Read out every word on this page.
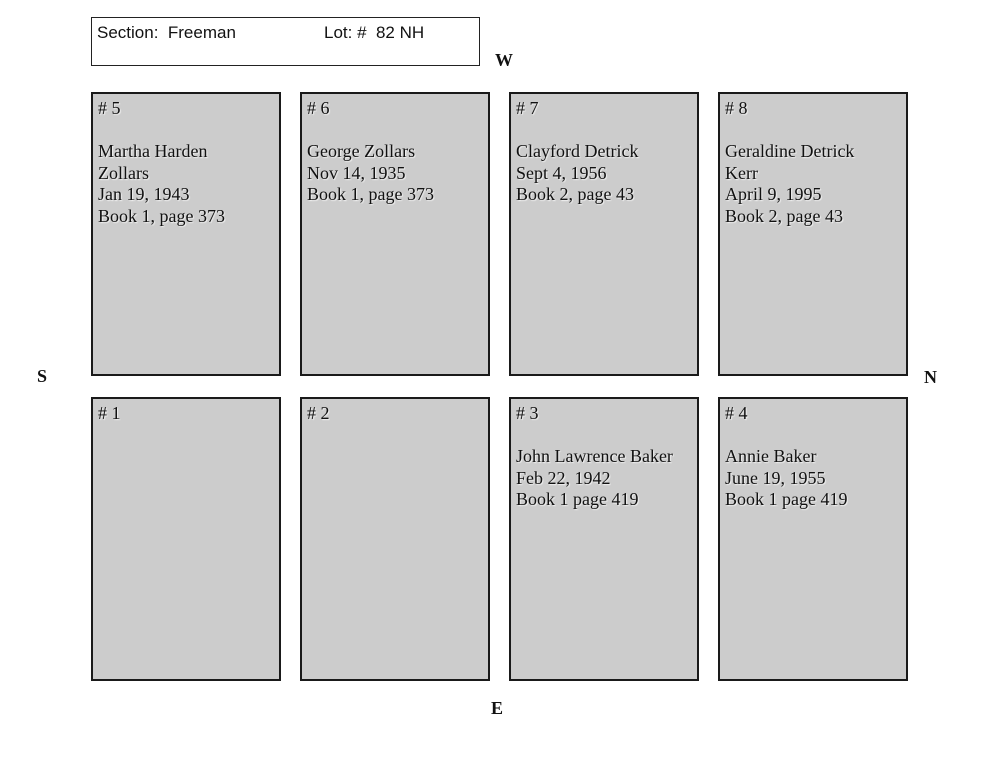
Section:  Freeman	Lot: #  82 NH
W
S	N
E
# 5
Martha Harden
Zollars
Jan 19, 1943
Book 1, page 373
# 6
George Zollars
Nov 14, 1935
Book 1, page 373
# 7
Clayford Detrick
Sept 4, 1956
Book 2, page 43
# 8
Geraldine Detrick
Kerr
April 9, 1995
Book 2, page 43
# 1	# 2	# 3
John Lawrence Baker
Feb 22, 1942
Book 1 page 419
# 4
Annie Baker
June 19, 1955
Book 1 page 419
